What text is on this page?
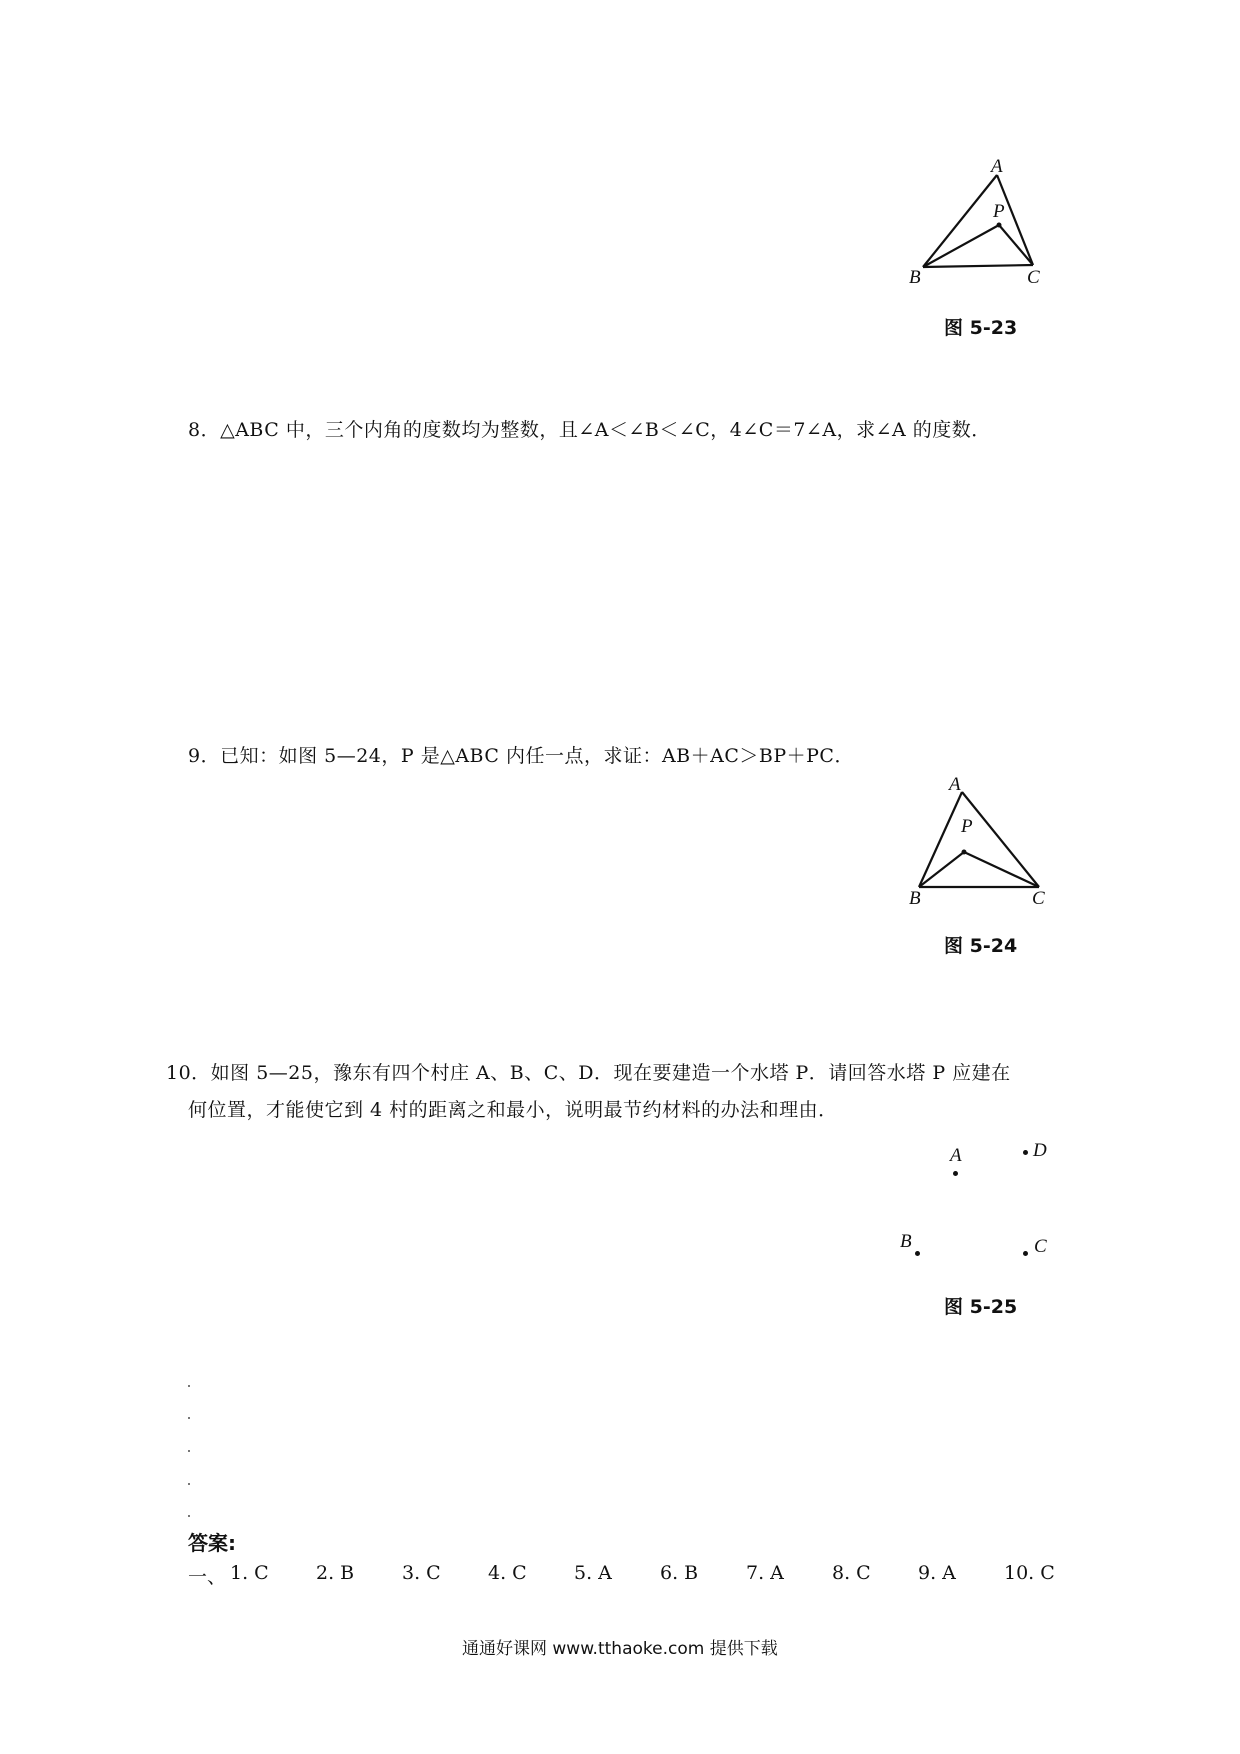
A
P
B	C
图 5-23
8．△ABC 中，三个内角的度数均为整数，且∠A＜∠B＜∠C，4∠C＝7∠A，求∠A 的度数．
9．已知：如图 5—24，P 是△ABC 内任一点，求证：AB＋AC＞BP＋PC．
A
P
B	C
图 5-24
10．如图 5—25，豫东有四个村庄 A、B、C、D．现在要建造一个水塔 P．请回答水塔 P 应建在
何位置，才能使它到 4 村的距离之和最小，说明最节约材料的办法和理由．
A	D
B	C
图 5-25
答案:
一、 1. C 2. B	3. C 4. C 5. A	6. B	7. A	8. C 9. A	10. C
通通好课网 www.tthaoke.com 提供下载
